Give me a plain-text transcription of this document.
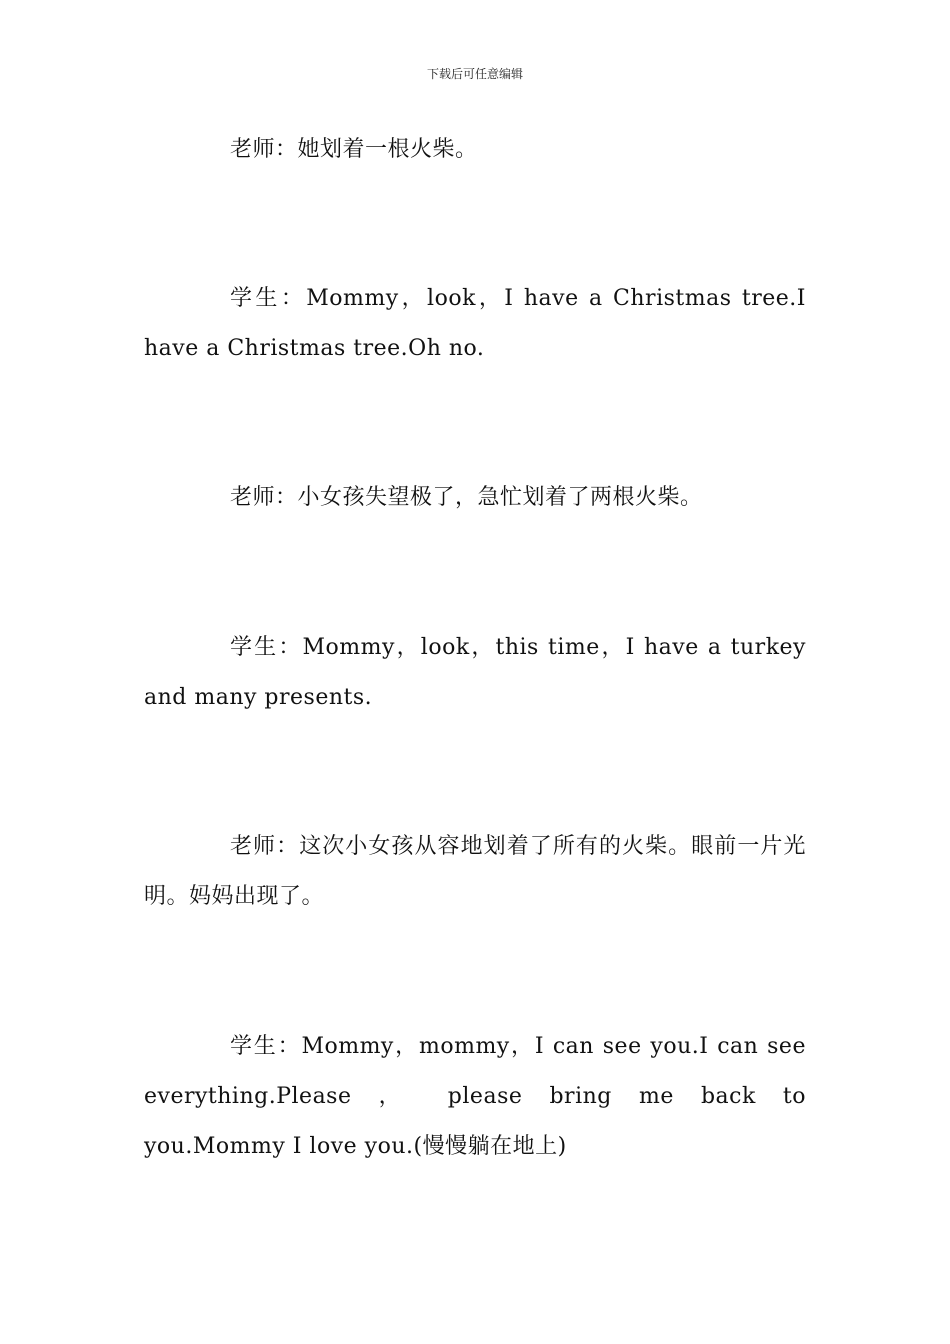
下载后可任意编辑
老师：她划着一根火柴。
学生：Mommy，look，I have a Christmas tree.I have a Christmas tree.Oh no.
老师：小女孩失望极了，急忙划着了两根火柴。
学生：Mommy，look，this time，I have a turkey and many presents.
老师：这次小女孩从容地划着了所有的火柴。眼前一片光明。妈妈出现了。
学生：Mommy，mommy，I can see you.I can see everything.Please ， please bring me back to you.Mommy I love you.(慢慢躺在地上)
